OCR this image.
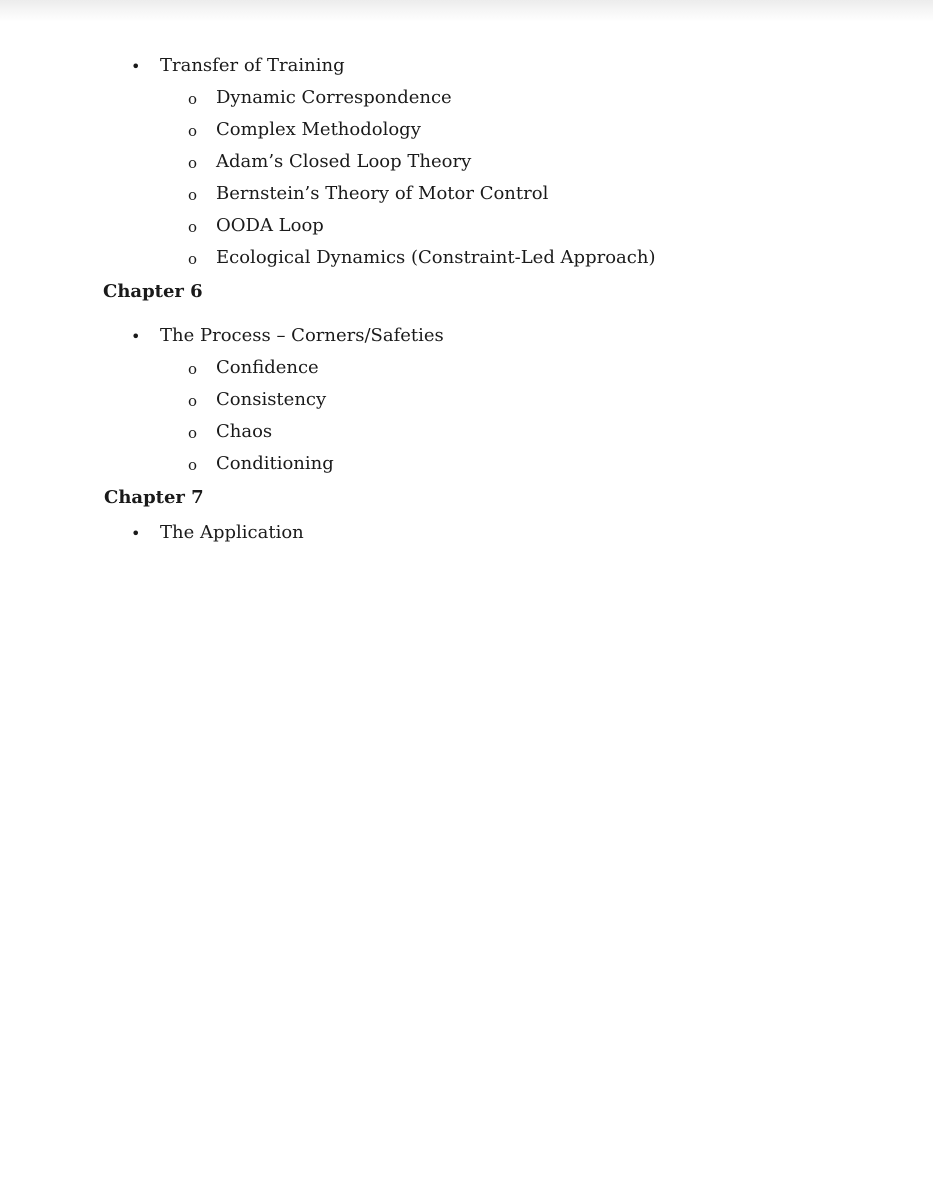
• Transfer of Training
o Dynamic Correspondence
o Complex Methodology
o Adam’s Closed Loop Theory
o Bernstein’s Theory of Motor Control
o OODA Loop
o Ecological Dynamics (Constraint-Led Approach)
Chapter 6
• The Process – Corners/Safeties
o Confidence
o Consistency
o Chaos
o Conditioning
Chapter 7
• The Application
